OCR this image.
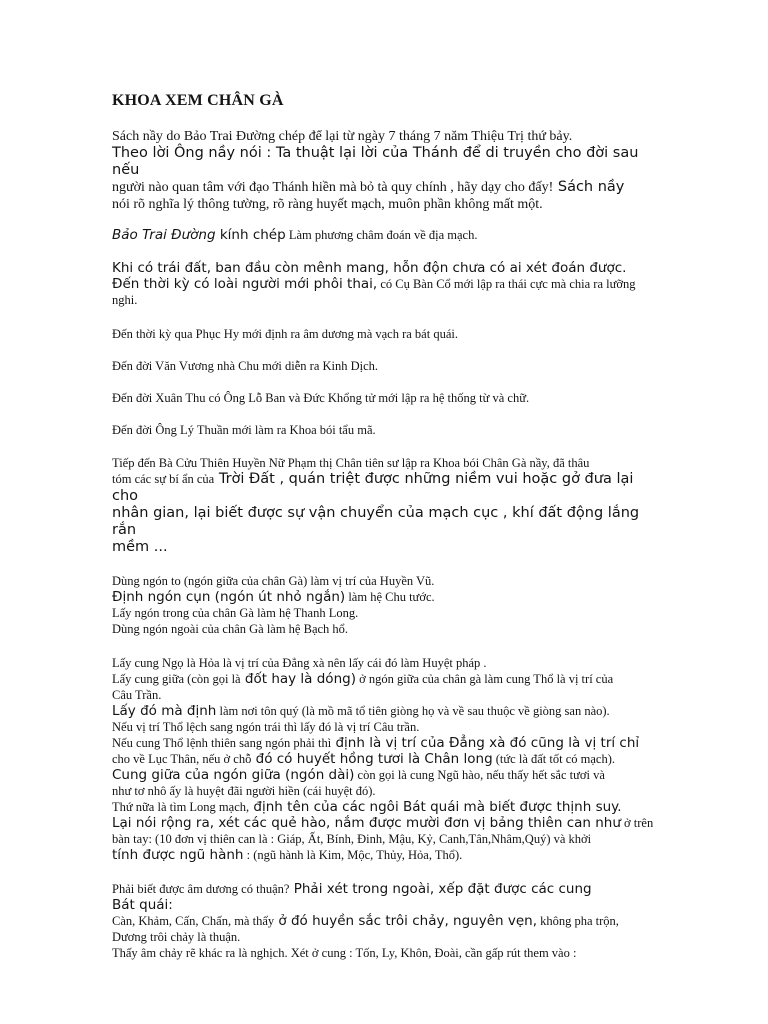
KHOA XEM CHÂN GÀ

Sách nầy do Bảo Trai Đường chép để lại từ ngày 7 tháng 7 năm Thiệu Trị thứ bảy.

Theo lời Ông nầy nói : Ta thuật lại lời của Thánh để di truyền cho đời sau nếu

người nào quan tâm với đạo Thánh hiền mà bỏ tà quy chính , hãy dạy cho đấy! Sách nầy

nói rõ nghĩa lý thông tường, rõ ràng huyết mạch, muôn phần không mất một.

Bảo Trai Đường kính chép Làm phương châm đoán về địa mạch.

Khi có trái đất, ban đầu còn mênh mang, hỗn độn chưa có ai xét đoán được.

Đến thời kỳ có loài người mới phôi thai, có Cụ Bàn Cổ mới lập ra thái cực mà chia ra lưỡng

nghi.

Đến thời kỳ qua Phục Hy mới định ra âm dương mà vạch ra bát quái.

Đến đời Văn Vương nhà Chu mới diễn ra Kinh Dịch.

Đến đời Xuân Thu có Ông Lỗ Ban và Đức Khổng tử mới lập ra hệ thống từ và chữ.

Đến đời Ông Lý Thuần mới làm ra Khoa bói tẩu mã.

Tiếp đến Bà Cửu Thiên Huyền Nữ Phạm thị Chân tiên sư lập ra Khoa bói Chân Gà nầy, đã thâu

tóm các sự bí ẩn của Trời Đất , quán triệt được những niềm vui hoặc gở đưa lại cho

nhân gian, lại biết được sự vận chuyển của mạch cục , khí đất động lắng rắn

mềm ...

Dùng ngón to (ngón giữa của chân Gà) làm vị trí của Huyền Vũ.

Định ngón cụn (ngón út nhỏ ngắn) làm hệ Chu tước.

Lấy ngón trong của chân Gà làm hệ Thanh Long.

Dùng ngón ngoài của chân Gà làm hệ Bạch hổ.

Lấy cung Ngọ là Hỏa là vị trí của Đẳng xà nên lấy cái đó làm Huyệt pháp .

Lấy cung giữa (còn gọi là đốt hay là dóng) ở ngón giữa của chân gà làm cung Thổ là vị trí của

Câu Trần.

Lấy đó mà định làm nơi tôn quý (là mồ mã tổ tiên giòng họ và về sau thuộc về giòng san nào).

Nếu vị trí Thổ lệch sang ngón trái thì lấy đó là vị trí Câu trần.

Nếu cung Thổ lệnh thiên sang ngón phải thì định là vị trí của Đẳng xà đó cũng là vị trí chỉ

cho về Lục Thân, nếu ở chỗ đó có huyết hồng tươi là Chân long (tức là đất tốt có mạch).

Cung giữa của ngón giữa (ngón dài) còn gọi là cung Ngũ hào, nếu thấy hết sắc tươi và

như tơ nhô ấy là huyệt đãi người hiền (cái huyệt đó).

Thứ nữa là tìm Long mạch, định tên của các ngôi Bát quái mà biết được thịnh suy.

Lại nói rộng ra, xét các quẻ hào, nắm được mười đơn vị bảng thiên can như ở trên

bàn tay: (10 đơn vị thiên can là : Giáp, Ất, Bính, Đinh, Mậu, Kỷ, Canh,Tân,Nhâm,Quý) và khởi

tính được ngũ hành : (ngũ hành là Kim, Mộc, Thủy, Hỏa, Thổ).

Phải biết được âm dương có thuận? Phải xét trong ngoài, xếp đặt được các cung

Bát quái:

Càn, Khảm, Cấn, Chấn, mà thấy ở đó huyền sắc trôi chảy, nguyên vẹn, không pha trộn,

Dương trôi chảy là thuận.

Thấy âm chảy rẽ khác ra là nghịch. Xét ở cung : Tốn, Ly, Khôn, Đoài, cần gấp rút them vào :
